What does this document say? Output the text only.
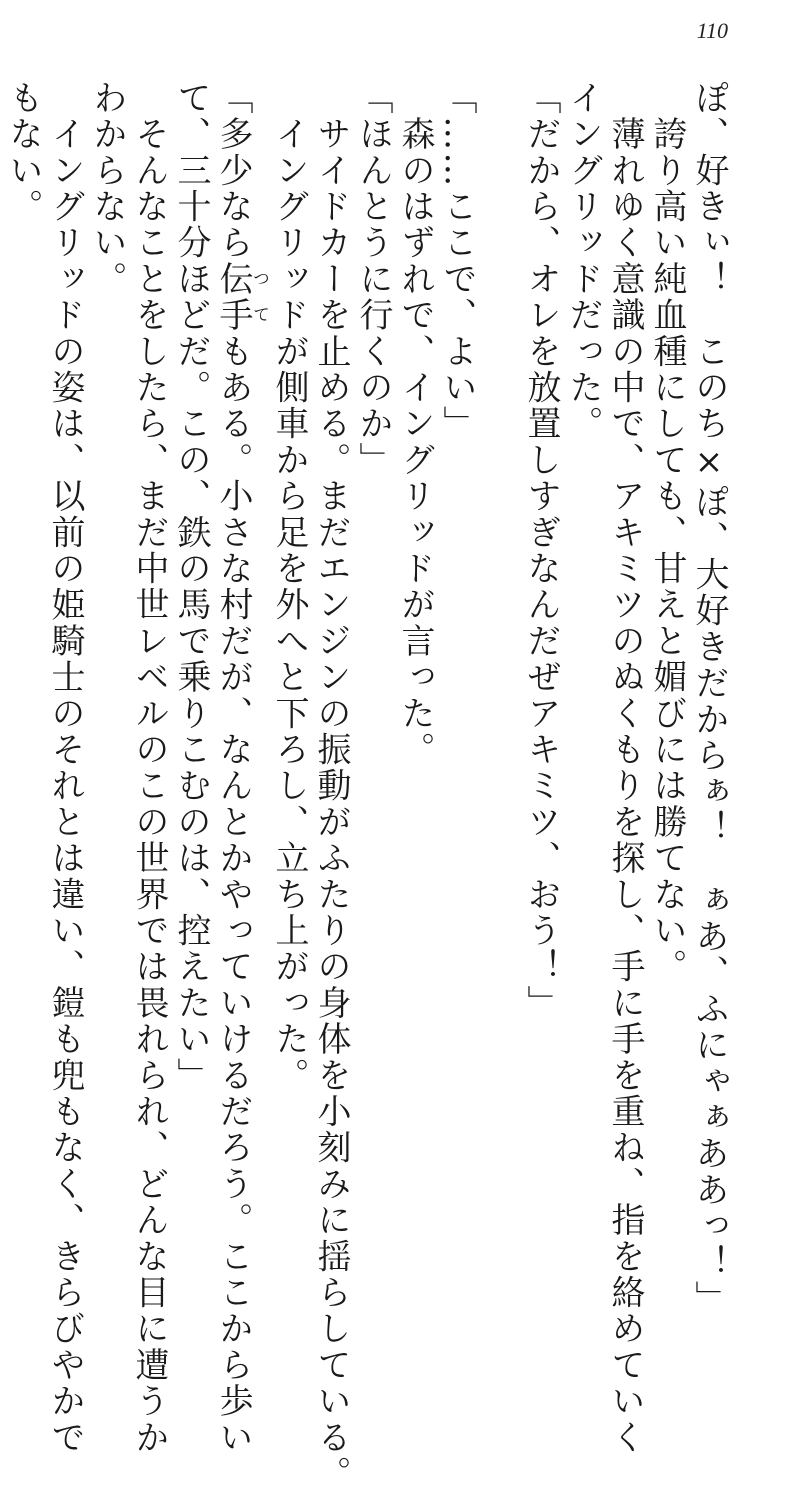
110
ぽ、好きぃ！　このち×ぽ、大好きだからぁ！　ぁあ、ふにゃぁああっ！」
　誇り高い純血種にしても、甘えと媚びには勝てない。
　薄れゆく意識の中で、アキミツのぬくもりを探し、手に手を重ね、指を絡めていく
イングリッドだった。
「だから、オレを放置しすぎなんだぜアキミツ、おう！」
「……ここで、よい」
　森のはずれで、イングリッドが言った。
「ほんとうに行くのか」
　サイドカーを止める。まだエンジンの振動がふたりの身体を小刻みに揺らしている。
　イングリッドが側車から足を外へと下ろし、立ち上がった。
「多少なら伝手つてもある。小さな村だが、なんとかやっていけるだろう。ここから歩い
て、三十分ほどだ。この、鉄の馬で乗りこむのは、控えたい」
　そんなことをしたら、まだ中世レベルのこの世界では畏れられ、どんな目に遭うか
わからない。
　イングリッドの姿は、以前の姫騎士のそれとは違い、鎧も兜もなく、きらびやかで
もない。
